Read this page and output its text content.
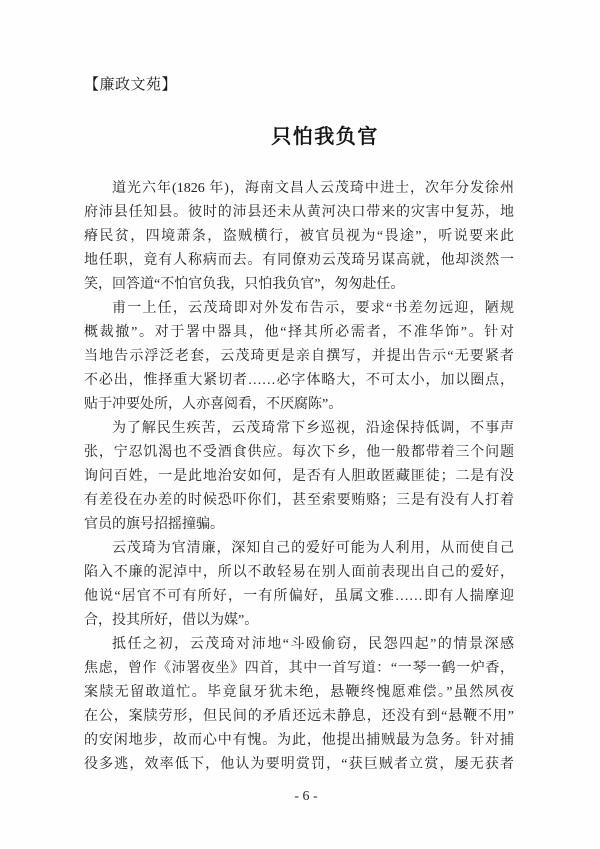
【廉政文苑】
只怕我负官
道光六年(1826 年)，海南文昌人云茂琦中进士，次年分发徐州
府沛县任知县。彼时的沛县还未从黄河决口带来的灾害中复苏，地
瘠民贫，四境萧条，盗贼横行，被官员视为“畏途”，听说要来此
地任职，竟有人称病而去。有同僚劝云茂琦另谋高就，他却淡然一
笑，回答道“不怕官负我，只怕我负官”，匆匆赴任。
甫一上任，云茂琦即对外发布告示，要求“书差勿远迎，陋规
概裁撤”。对于署中器具，他“择其所必需者，不准华饰”。针对
当地告示浮泛老套，云茂琦更是亲自撰写，并提出告示“无要紧者
不必出，惟择重大紧切者……必字体略大，不可太小，加以圈点，
贴于冲要处所，人亦喜阅看，不厌腐陈”。
为了解民生疾苦，云茂琦常下乡巡视，沿途保持低调，不事声
张，宁忍饥渴也不受酒食供应。每次下乡，他一般都带着三个问题
询问百姓，一是此地治安如何，是否有人胆敢匿藏匪徒；二是有没
有差役在办差的时候恐吓你们，甚至索要贿赂；三是有没有人打着
官员的旗号招摇撞骗。
云茂琦为官清廉，深知自己的爱好可能为人利用，从而使自己
陷入不廉的泥淖中，所以不敢轻易在别人面前表现出自己的爱好，
他说“居官不可有所好，一有所偏好，虽属文雅……即有人揣摩迎
合，投其所好，借以为媒”。
抵任之初，云茂琦对沛地“斗殴偷窃，民怨四起”的情景深感
焦虑，曾作《沛署夜坐》四首，其中一首写道：“一琴一鹤一炉香，
案牍无留敢道忙。毕竟鼠牙犹未绝，悬鞭终愧愿难偿。”虽然夙夜
在公，案牍劳形，但民间的矛盾还远未静息，还没有到“悬鞭不用”
的安闲地步，故而心中有愧。为此，他提出捕贼最为急务。针对捕
役多逃，效率低下，他认为要明赏罚，“获巨贼者立赏，屡无获者
- 6 -
